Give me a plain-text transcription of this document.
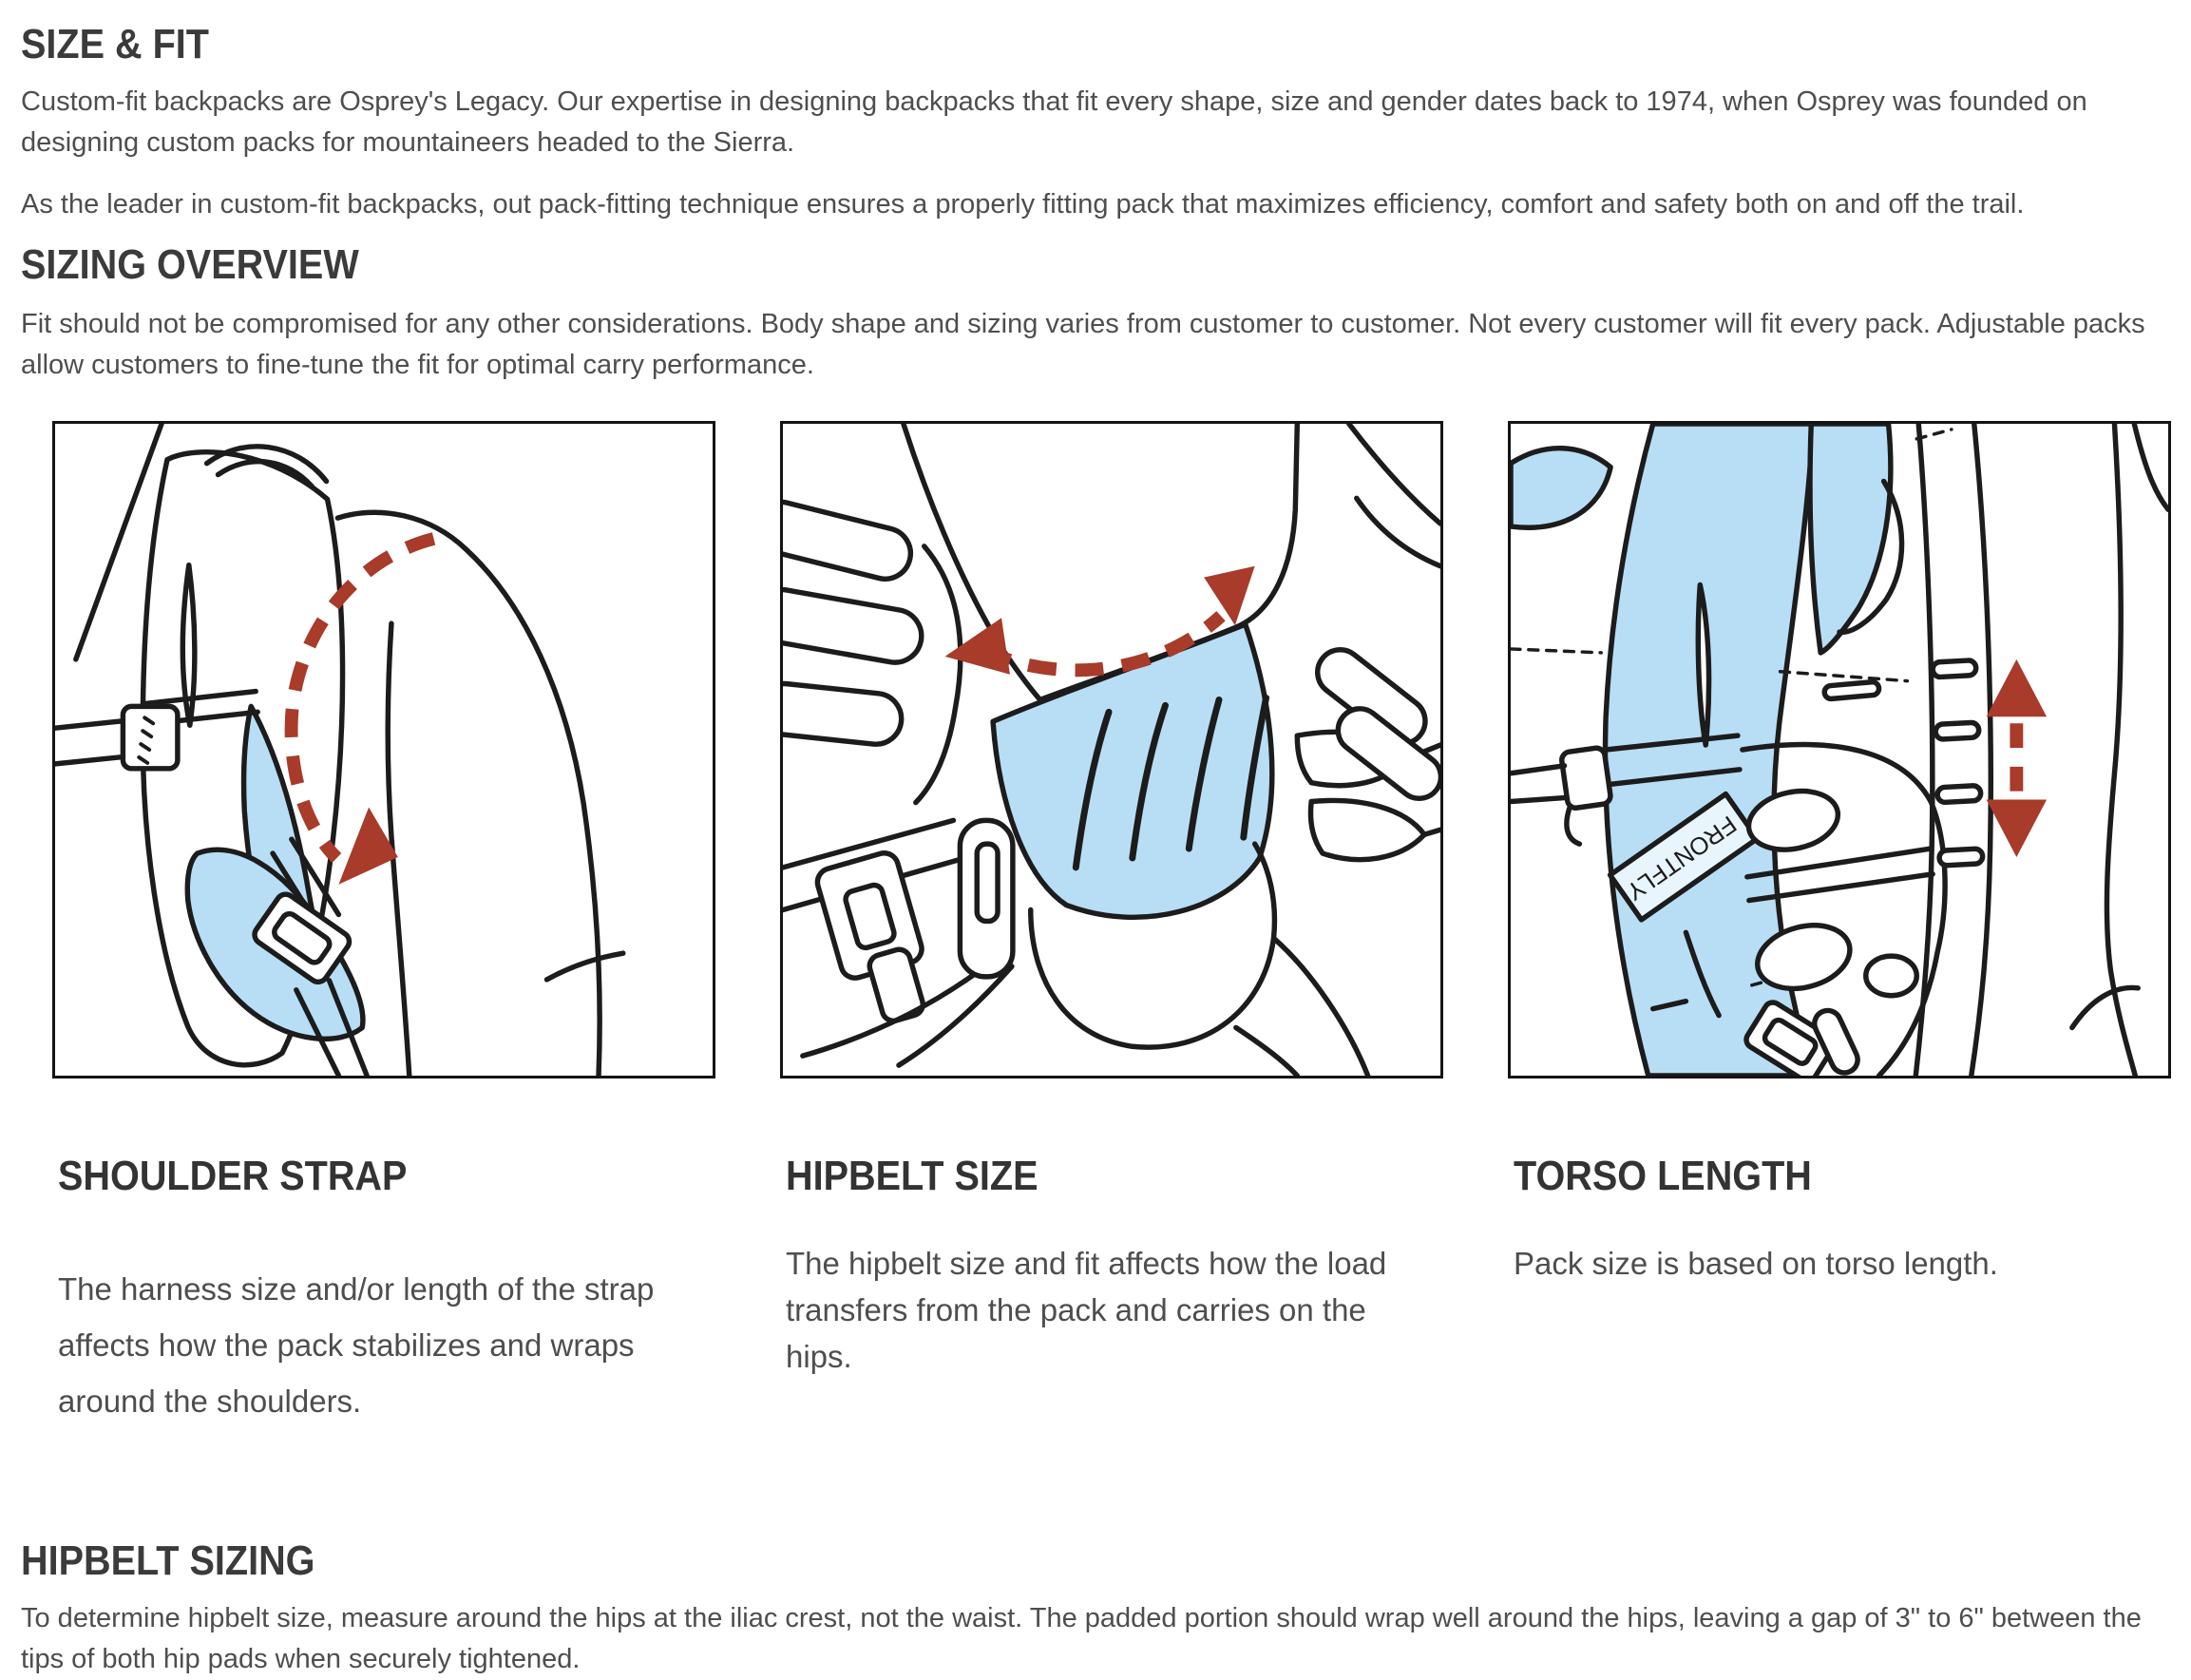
SIZE & FIT

Custom-fit backpacks are Osprey's Legacy. Our expertise in designing backpacks that fit every shape, size and gender dates back to 1974, when Osprey was founded on designing custom packs for mountaineers headed to the Sierra.

As the leader in custom-fit backpacks, out pack-fitting technique ensures a properly fitting pack that maximizes efficiency, comfort and safety both on and off the trail.

SIZING OVERVIEW

Fit should not be compromised for any other considerations. Body shape and sizing varies from customer to customer. Not every customer will fit every pack. Adjustable packs allow customers to fine-tune the fit for optimal carry performance.

FRONTFLY
SHOULDER STRAP

The harness size and/or length of the strap affects how the pack stabilizes and wraps around the shoulders.

HIPBELT SIZE

The hipbelt size and fit affects how the load transfers from the pack and carries on the hips.

TORSO LENGTH

Pack size is based on torso length.

HIPBELT SIZING

To determine hipbelt size, measure around the hips at the iliac crest, not the waist. The padded portion should wrap well around the hips, leaving a gap of 3" to 6" between the tips of both hip pads when securely tightened.
